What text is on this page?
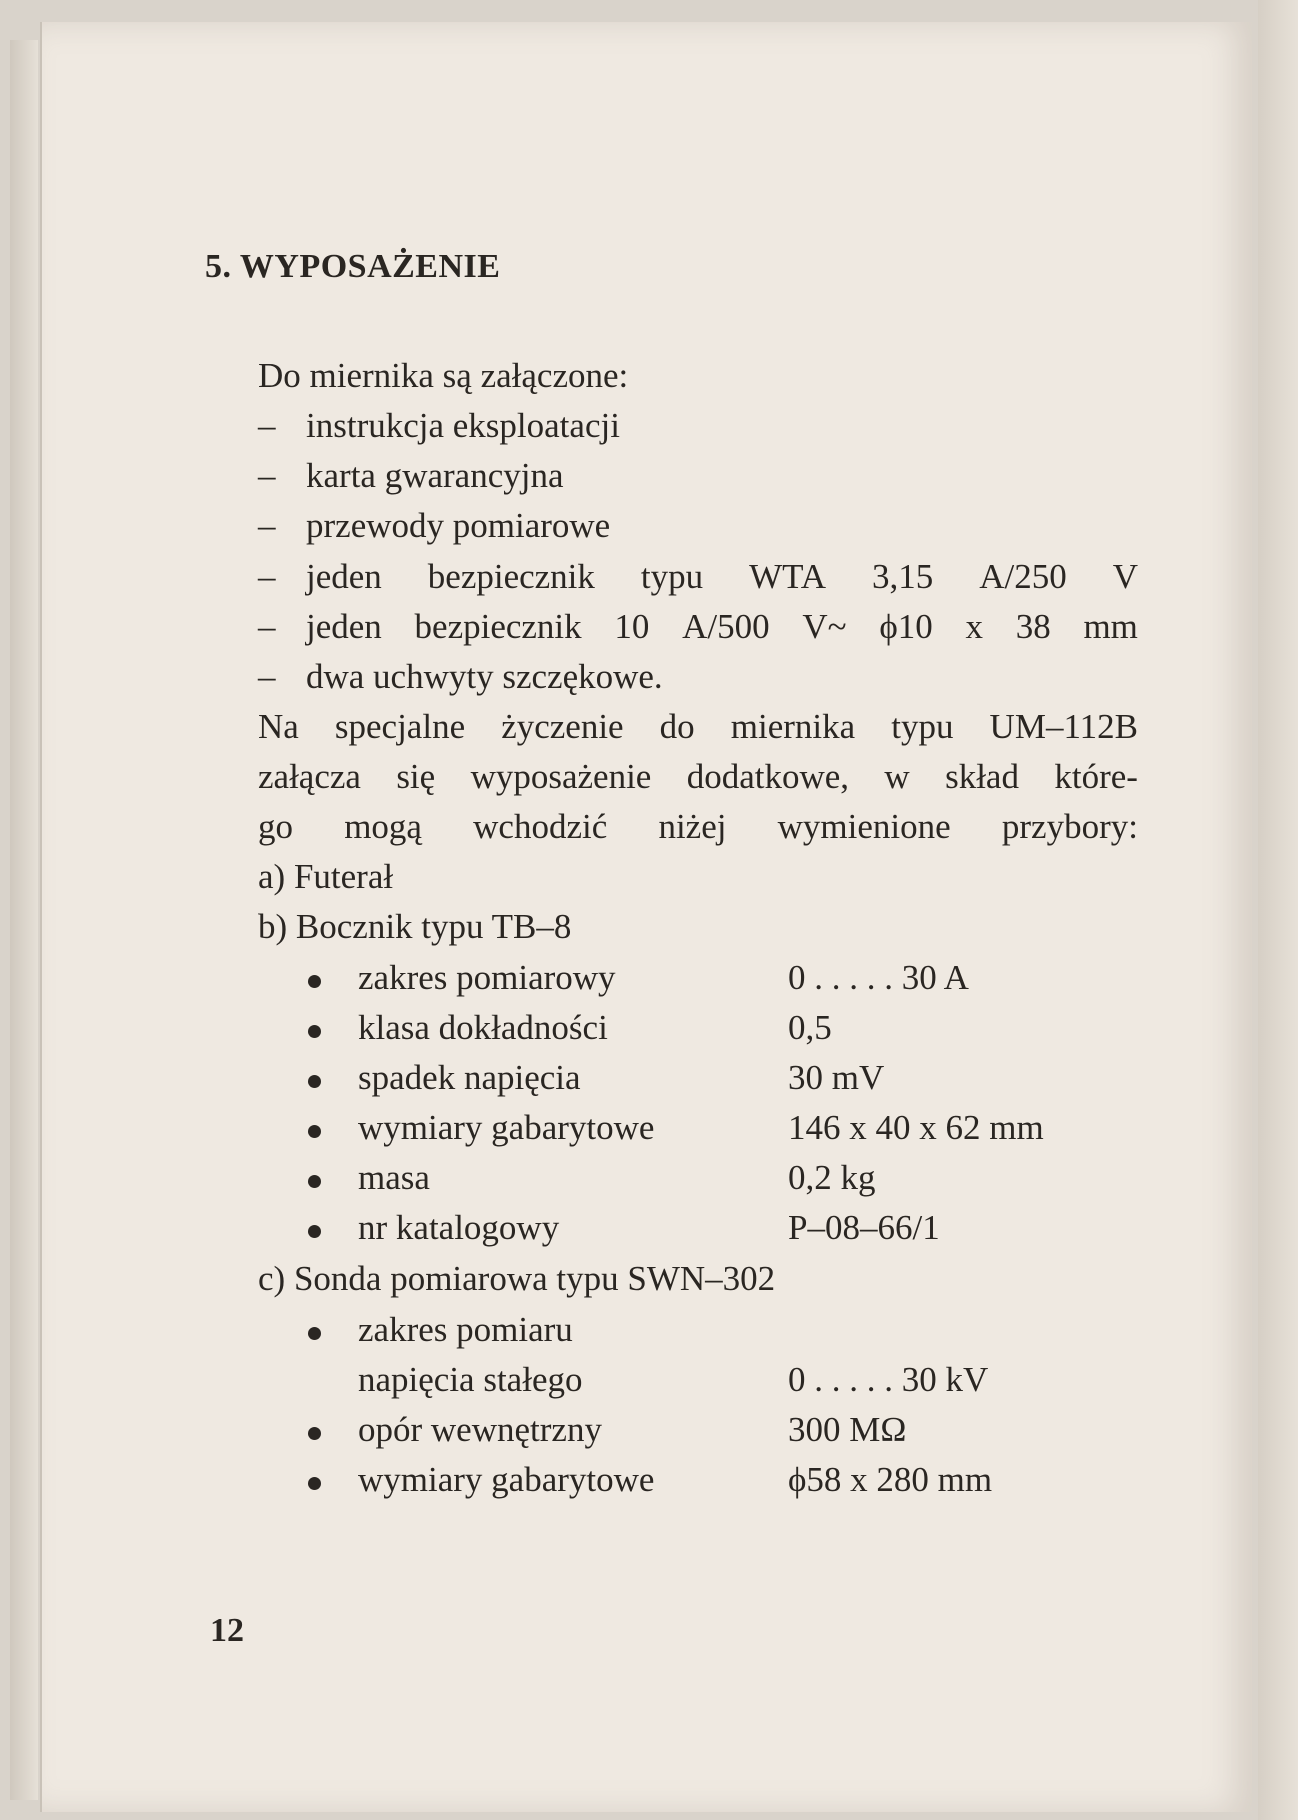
5. WYPOSAŻENIE
Do miernika są załączone:
– instrukcja eksploatacji
– karta gwarancyjna
– przewody pomiarowe
– jeden bezpiecznik typu WTA 3,15 A/250 V
– jeden bezpiecznik 10 A/500 V~ ϕ10 x 38 mm
– dwa uchwyty szczękowe.
Na specjalne życzenie do miernika typu UM–112B
załącza się wyposażenie dodatkowe, w skład które-
go mogą wchodzić niżej wymienione przybory:
a) Futerał
b) Bocznik typu TB–8
zakres pomiarowy	0 . . . . . 30 A
klasa dokładności	0,5
spadek napięcia	30 mV
wymiary gabarytowe	146 x 40 x 62 mm
masa	0,2 kg
nr katalogowy	P–08–66/1
c) Sonda pomiarowa typu SWN–302
zakres pomiaru
napięcia stałego	0 . . . . . 30 kV
opór wewnętrzny	300 MΩ
wymiary gabarytowe	ϕ58 x 280 mm
12
